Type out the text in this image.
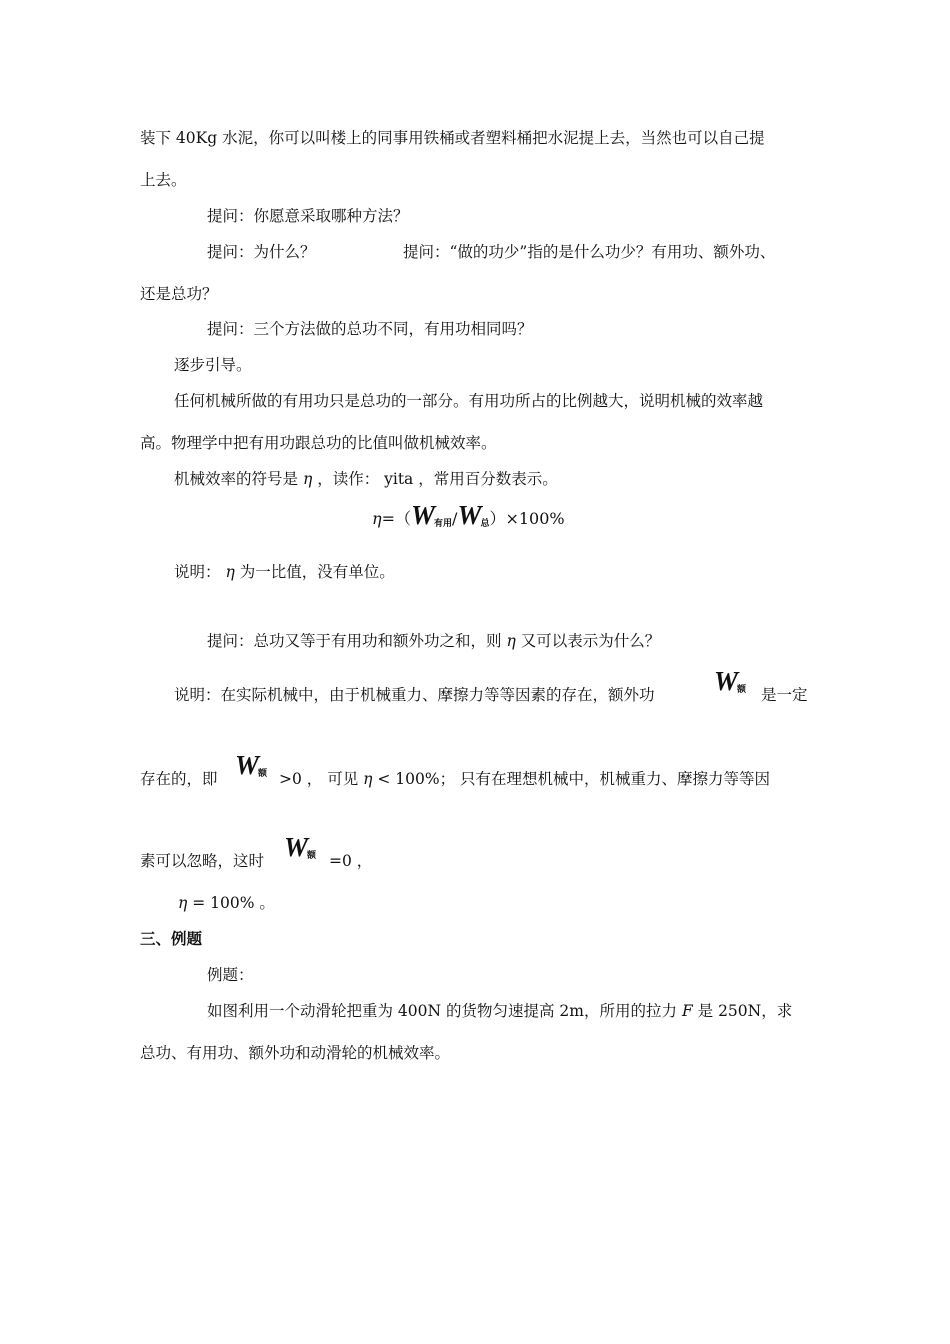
装下 40Kg 水泥，你可以叫楼上的同事用铁桶或者塑料桶把水泥提上去，当然也可以自己提
上去。
提问：你愿意采取哪种方法？
提问：为什么？	提问：“做的功少”指的是什么功少？有用功、额外功、
还是总功？
提问：三个方法做的总功不同，有用功相同吗？
逐步引导。
任何机械所做的有用功只是总功的一部分。有用功所占的比例越大，说明机械的效率越
高。物理学中把有用功跟总功的比值叫做机械效率。
机械效率的符号是 η ，读作： yita ，常用百分数表示。
$\eta=(W_{有用}/W_总)\times 100\%$
说明： η 为一比值，没有单位。
提问：总功又等于有用功和额外功之和，则 η 又可以表示为什么？
说明：在实际机械中，由于机械重力、摩擦力等等因素的存在，额外功 $W_额$ 是一定
存在的，即 $W_额 >0$ ， 可见 η < 100%； 只有在理想机械中，机械重力、摩擦力等等因
素可以忽略，这时 $W_额 =0$ ，
η = 100% 。
三、例题
例题：
如图利用一个动滑轮把重为 400N 的货物匀速提高 2m，所用的拉力 F 是 250N，求
总功、有用功、额外功和动滑轮的机械效率。
